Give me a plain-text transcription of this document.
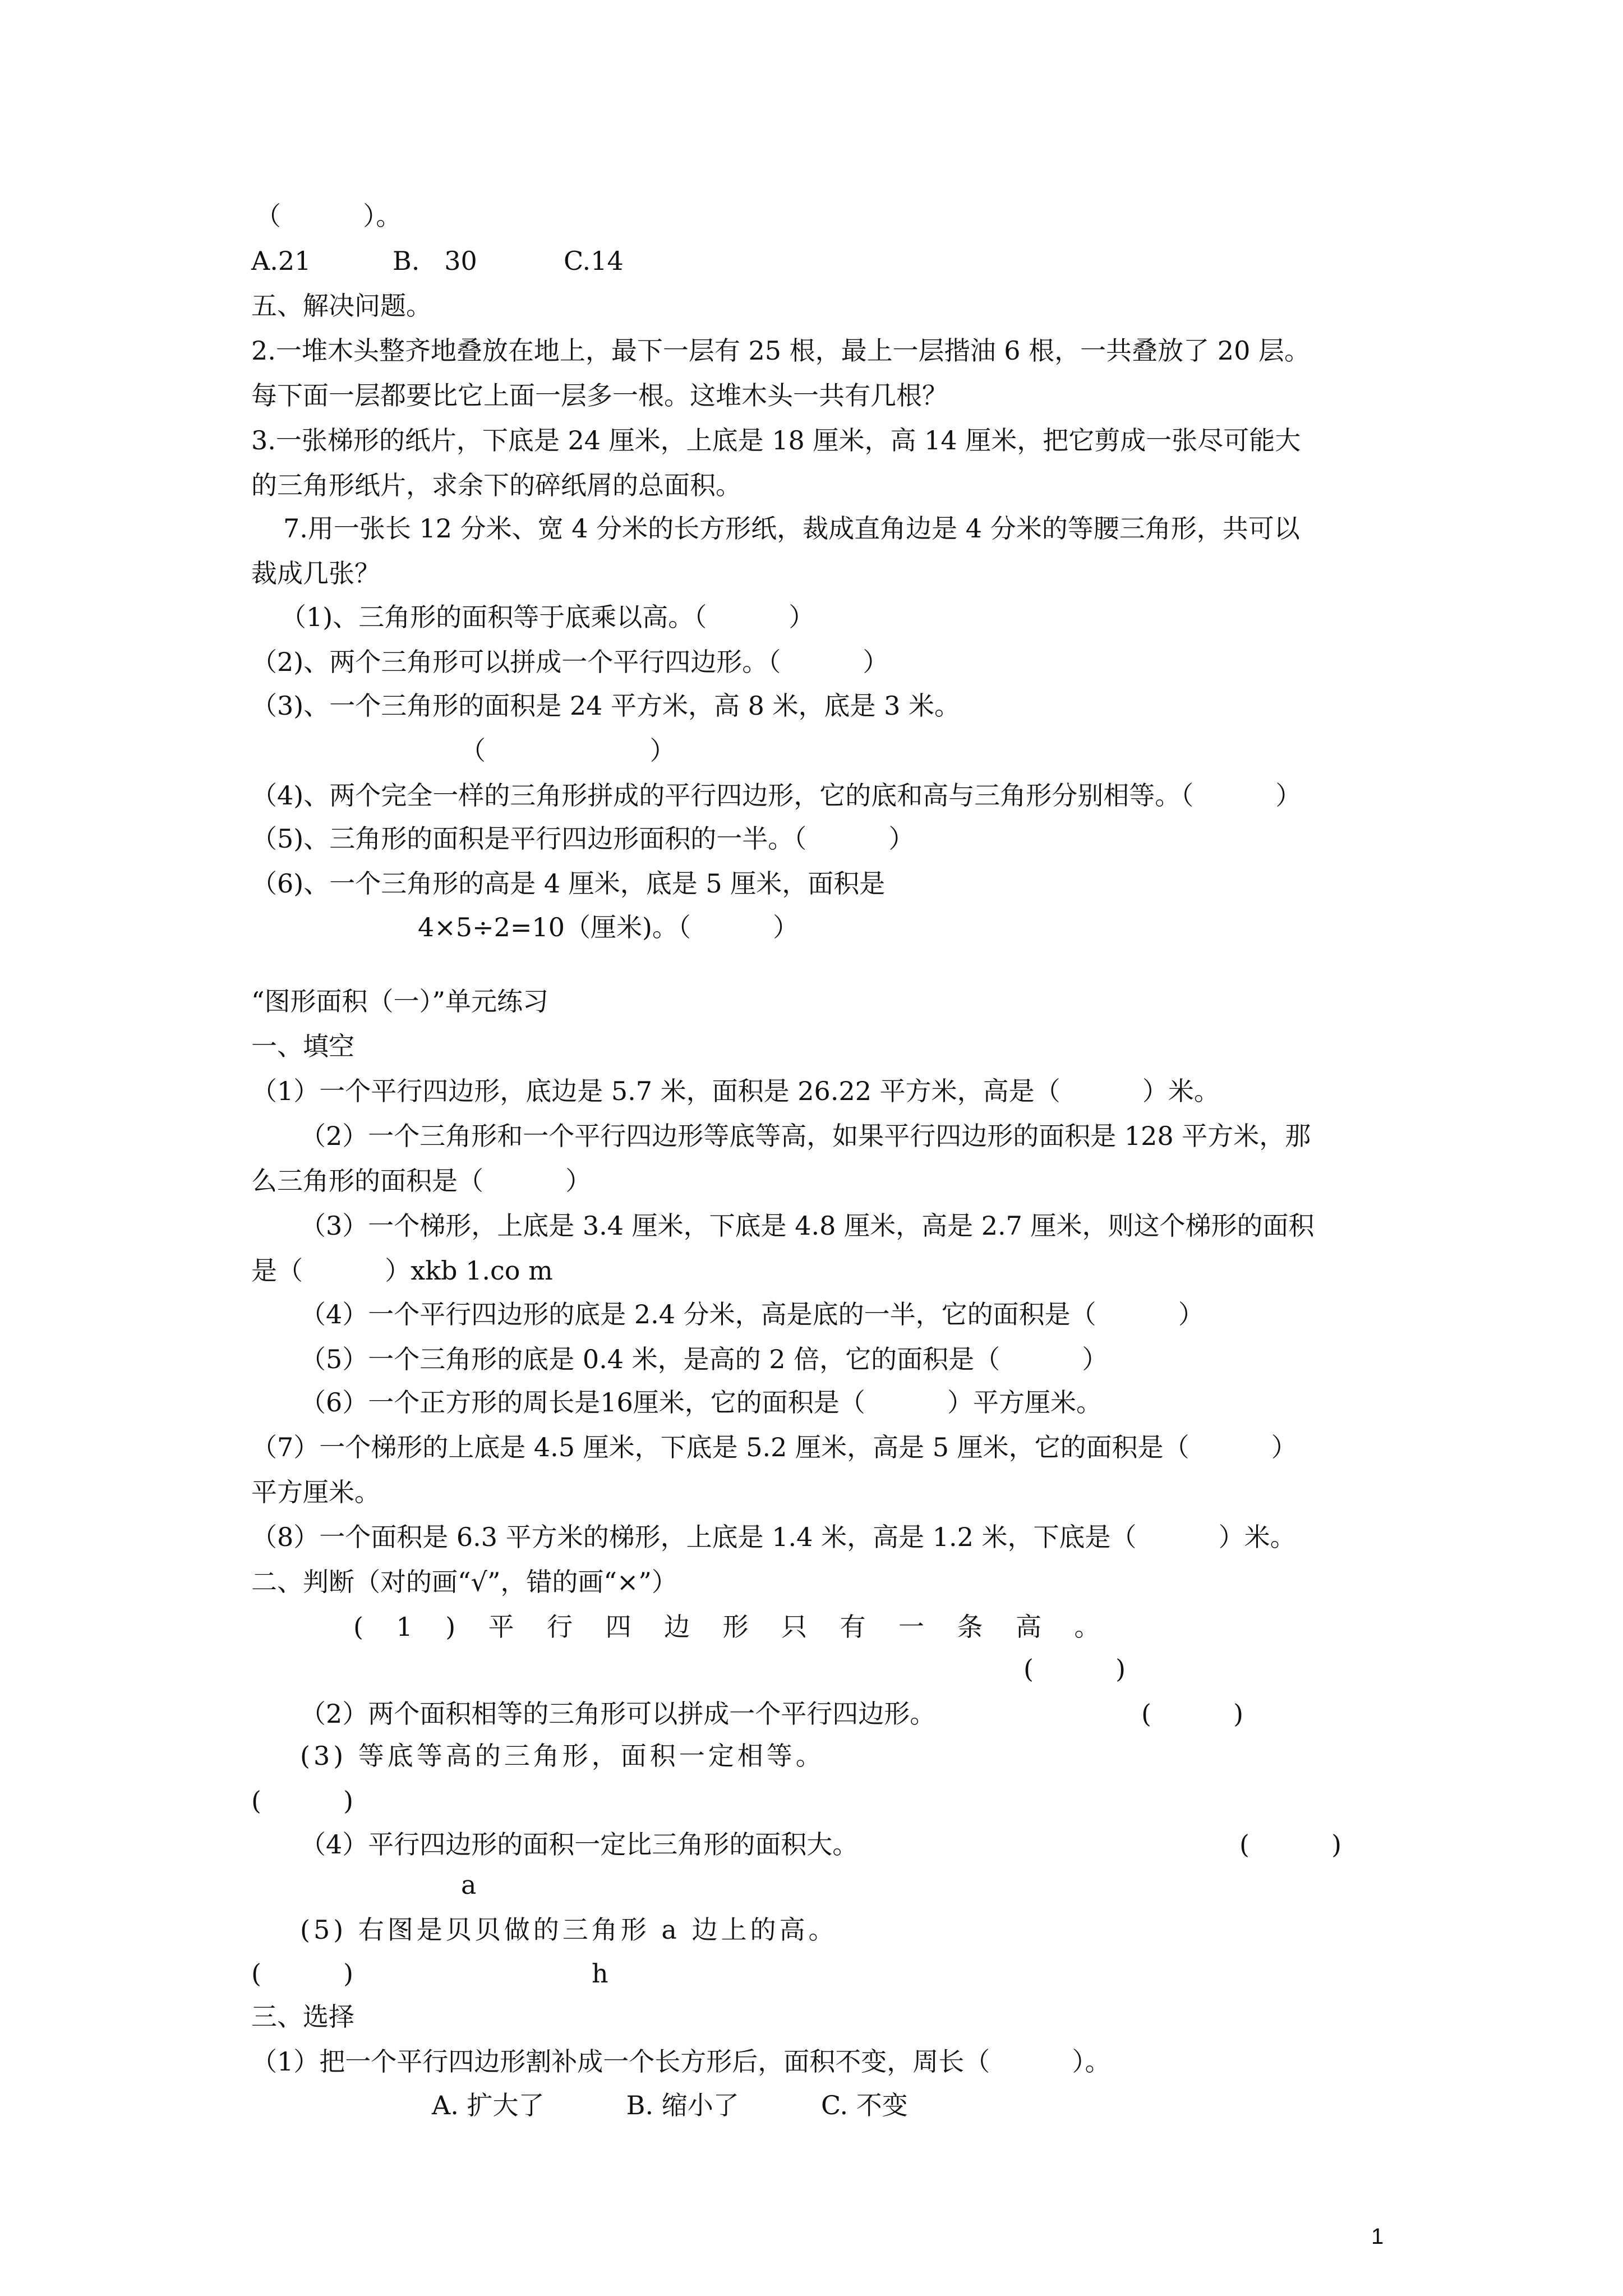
（          ）。
A.21	B.   30	C.14
五、解决问题。
2.一堆木头整齐地叠放在地上，最下一层有 25 根，最上一层揩油 6 根，一共叠放了 20 层。
每下面一层都要比它上面一层多一根。这堆木头一共有几根？
3.一张梯形的纸片，下底是 24 厘米，上底是 18 厘米，高 14 厘米，把它剪成一张尽可能大
的三角形纸片，求余下的碎纸屑的总面积。
7.用一张长 12 分米、宽 4 分米的长方形纸，裁成直角边是 4 分米的等腰三角形，共可以
裁成几张？
（1)、三角形的面积等于底乘以高。（          ）
（2)、两个三角形可以拼成一个平行四边形。（          ）
（3)、一个三角形的面积是 24 平方米，高 8 米，底是 3 米。
（                    ）
（4)、两个完全一样的三角形拼成的平行四边形，它的底和高与三角形分别相等。（          ）
（5)、三角形的面积是平行四边形面积的一半。（          ）
（6)、一个三角形的高是 4 厘米，底是 5 厘米，面积是
4×5÷2=10（厘米)。（          ）
“图形面积（一）”单元练习
一、填空
（1）一个平行四边形，底边是 5.7 米，面积是 26.22 平方米，高是（          ）米。
（2）一个三角形和一个平行四边形等底等高，如果平行四边形的面积是 128 平方米，那
么三角形的面积是（          ）
（3）一个梯形，上底是 3.4 厘米，下底是 4.8 厘米，高是 2.7 厘米，则这个梯形的面积
是（          ）xkb 1.co m
（4）一个平行四边形的底是 2.4 分米，高是底的一半，它的面积是（          ）
（5）一个三角形的底是 0.4 米，是高的 2 倍，它的面积是（          ）
（6）一个正方形的周长是16厘米，它的面积是（          ）平方厘米。
（7）一个梯形的上底是 4.5 厘米，下底是 5.2 厘米，高是 5 厘米，它的面积是（          ）
平方厘米。
（8）一个面积是 6.3 平方米的梯形，上底是 1.4 米，高是 1.2 米，下底是（          ）米。
二、判断（对的画“√”，错的画“×”）
(    1    )    平    行    四    边    形    只    有    一    条    高    。
(          )
（2）两个面积相等的三角形可以拼成一个平行四边形。	(          )
(3) 等底等高的三角形，面积一定相等。
(          )
（4）平行四边形的面积一定比三角形的面积大。	(          )
a
(5) 右图是贝贝做的三角形 a 边上的高。
(          )	h
三、选择
（1）把一个平行四边形割补成一个长方形后，面积不变，周长（          ）。
A. 扩大了          B. 缩小了          C. 不变
1
